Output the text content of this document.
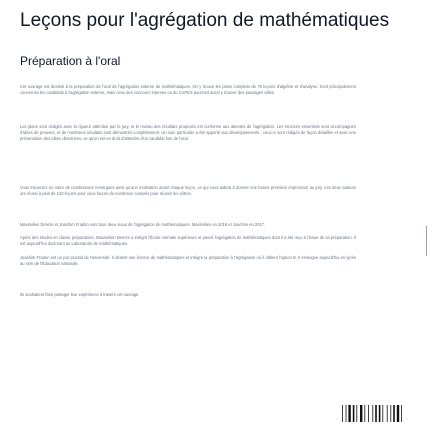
Leçons pour l'agrégation de mathématiques
Préparation à l'oral

Cet ouvrage est destiné à la préparation de l'oral de l'agrégation externe de mathématiques. On y trouve les plans complets de 76 leçons d'algèbre et d'analyse. Sont principalement concernés les candidats à l'agrégation externe, mais ceux des concours internes ou du CAPES pourront aussi y trouver des passages utiles.

Les plans sont rédigés avec la rigueur attendue par le jury, et le niveau des résultats proposés est conforme aux attentes de l'agrégation. Les énoncés essentiels sont accompagnés d'idées de preuves, et de nombreux résultats sont démontrés complètement. Un soin particulier a été apporté aux développements : ceux-ci sont rédigés de façon détaillée et avec une présentation des idées directrices, ce qu'on est en droit d'attendre d'un candidat lors de l'oral.

Vous trouverez en outre de nombreuses remarques ainsi qu'une motivation avant chaque leçon, ce qui vous aidera à donner une bonne première impression au jury. Les deux auteurs ont réussi à plus de 120 leçons pour vous fournir de nombreux conseils pour réussir les vôtres.

Maximilien Dereze et Joachim Fradon sont tous deux issus de l'agrégation de mathématiques. Maximilien en 2016 et Joachim en 2017.

Après des études en classe préparatoire, Maximilien Dereze a intégré l'École normale supérieure et passé l'agrégation de mathématiques dont il a été reçu à l'issue de sa préparation. Il est aujourd'hui doctorant au Laboratoire de mathématiques.

Joachim Fradon est un pur produit de l'université. Il obtient une licence de mathématiques et intègre la préparation à l'agrégation où il obtient l'option B. Il enseigne aujourd'hui en lycée au sein de l'Éducation nationale.

Ils souhaitent faire partager leur expérience à travers cet ouvrage.
